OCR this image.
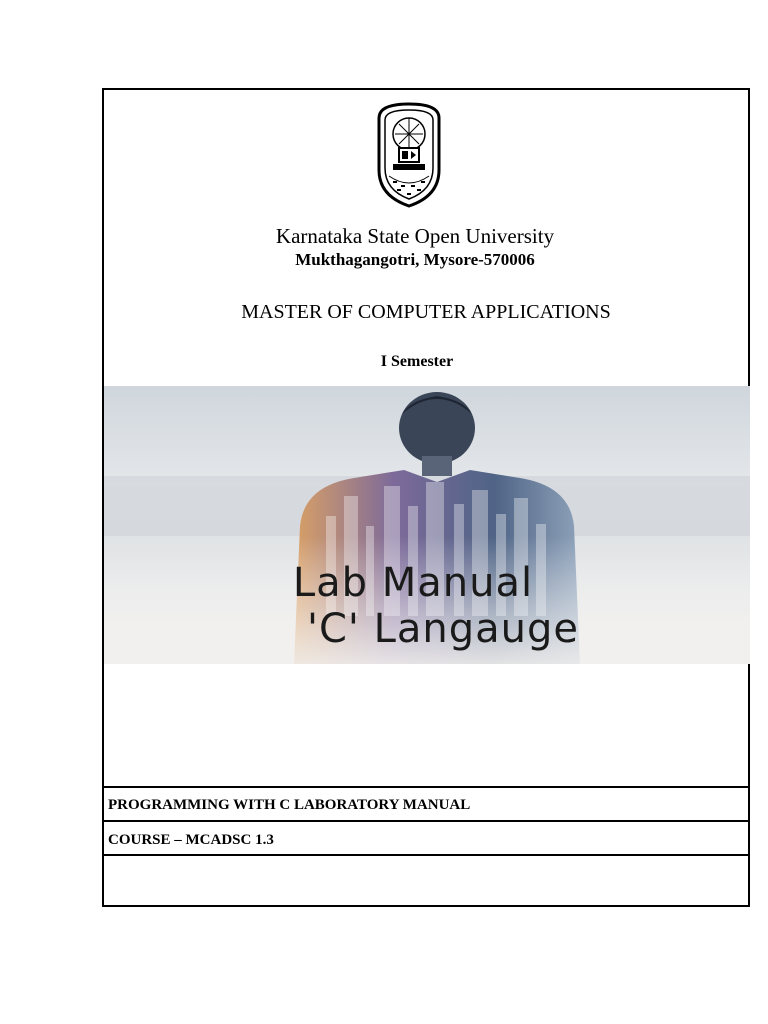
Karnataka State Open University
Mukthagangotri, Mysore-570006
MASTER OF COMPUTER APPLICATIONS
I Semester
Lab Manual
'C' Langauge
PROGRAMMING WITH C LABORATORY MANUAL
COURSE – MCADSC 1.3
